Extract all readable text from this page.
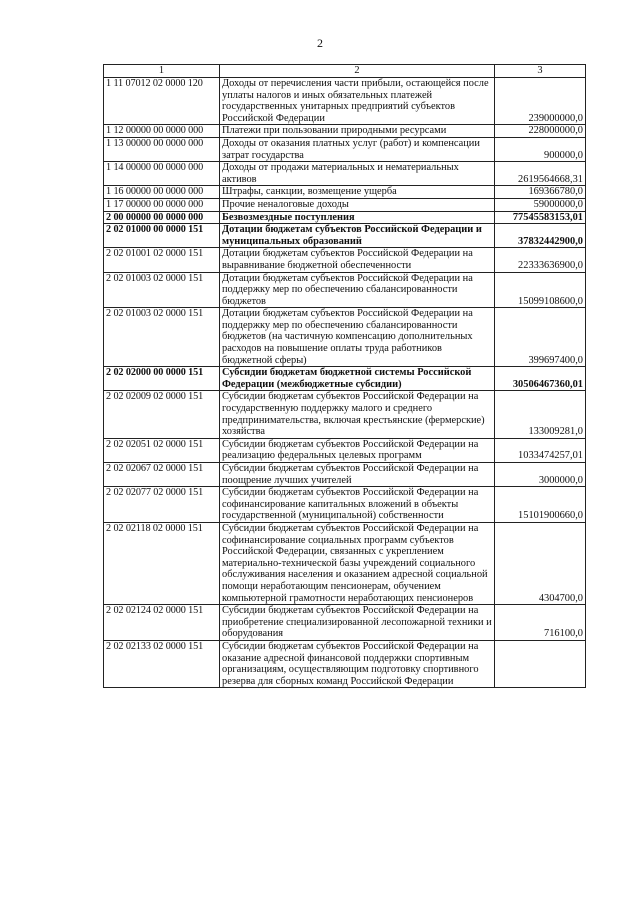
2
1	2	3
1 11 07012 02 0000 120	Доходы от перечисления части прибыли, остающейся после уплаты налогов и иных обязательных платежей государственных унитарных предприятий субъектов Российской Федерации	239000000,0
1 12 00000 00 0000 000	Платежи при пользовании природными ресурсами	228000000,0
1 13 00000 00 0000 000	Доходы от оказания платных услуг (работ) и компенсации затрат государства	900000,0
1 14 00000 00 0000 000	Доходы от продажи материальных и нематериальных активов	2619564668,31
1 16 00000 00 0000 000	Штрафы, санкции, возмещение ущерба	169366780,0
1 17 00000 00 0000 000	Прочие неналоговые доходы	59000000,0
2 00 00000 00 0000 000	Безвозмездные поступления	77545583153,01
2 02 01000 00 0000 151	Дотации бюджетам субъектов Российской Федерации и муниципальных образований	37832442900,0
2 02 01001 02 0000 151	Дотации бюджетам субъектов Российской Федерации на выравнивание бюджетной обеспеченности	22333636900,0
2 02 01003 02 0000 151	Дотации бюджетам субъектов Российской Федерации на поддержку мер по обеспечению сбалансированности бюджетов	15099108600,0
2 02 01003 02 0000 151	Дотации бюджетам субъектов Российской Федерации на поддержку мер по обеспечению сбалансированности бюджетов (на частичную компенсацию дополнительных расходов на повышение оплаты труда работников бюджетной сферы)	399697400,0
2 02 02000 00 0000 151	Субсидии бюджетам бюджетной системы Российской Федерации (межбюджетные субсидии)	30506467360,01
2 02 02009 02 0000 151	Субсидии бюджетам субъектов Российской Федерации на государственную поддержку малого и среднего предпринимательства, включая крестьянские (фермерские) хозяйства	133009281,0
2 02 02051 02 0000 151	Субсидии бюджетам субъектов Российской Федерации на реализацию федеральных целевых программ	1033474257,01
2 02 02067 02 0000 151	Субсидии бюджетам субъектов Российской Федерации на поощрение лучших учителей	3000000,0
2 02 02077 02 0000 151	Субсидии бюджетам субъектов Российской Федерации на софинансирование капитальных вложений в объекты государственной (муниципальной) собственности	15101900660,0
2 02 02118 02 0000 151	Субсидии бюджетам субъектов Российской Федерации на софинансирование социальных программ субъектов Российской Федерации, связанных с укреплением материально-технической базы учреждений социального обслуживания населения и оказанием адресной социальной помощи неработающим пенсионерам, обучением компьютерной грамотности неработающих пенсионеров	4304700,0
2 02 02124 02 0000 151	Субсидии бюджетам субъектов Российской Федерации на приобретение специализированной лесопожарной техники и оборудования	716100,0
2 02 02133 02 0000 151	Субсидии бюджетам субъектов Российской Федерации на оказание адресной финансовой поддержки спортивным организациям, осуществляющим подготовку спортивного резерва для сборных команд Российской Федерации	
